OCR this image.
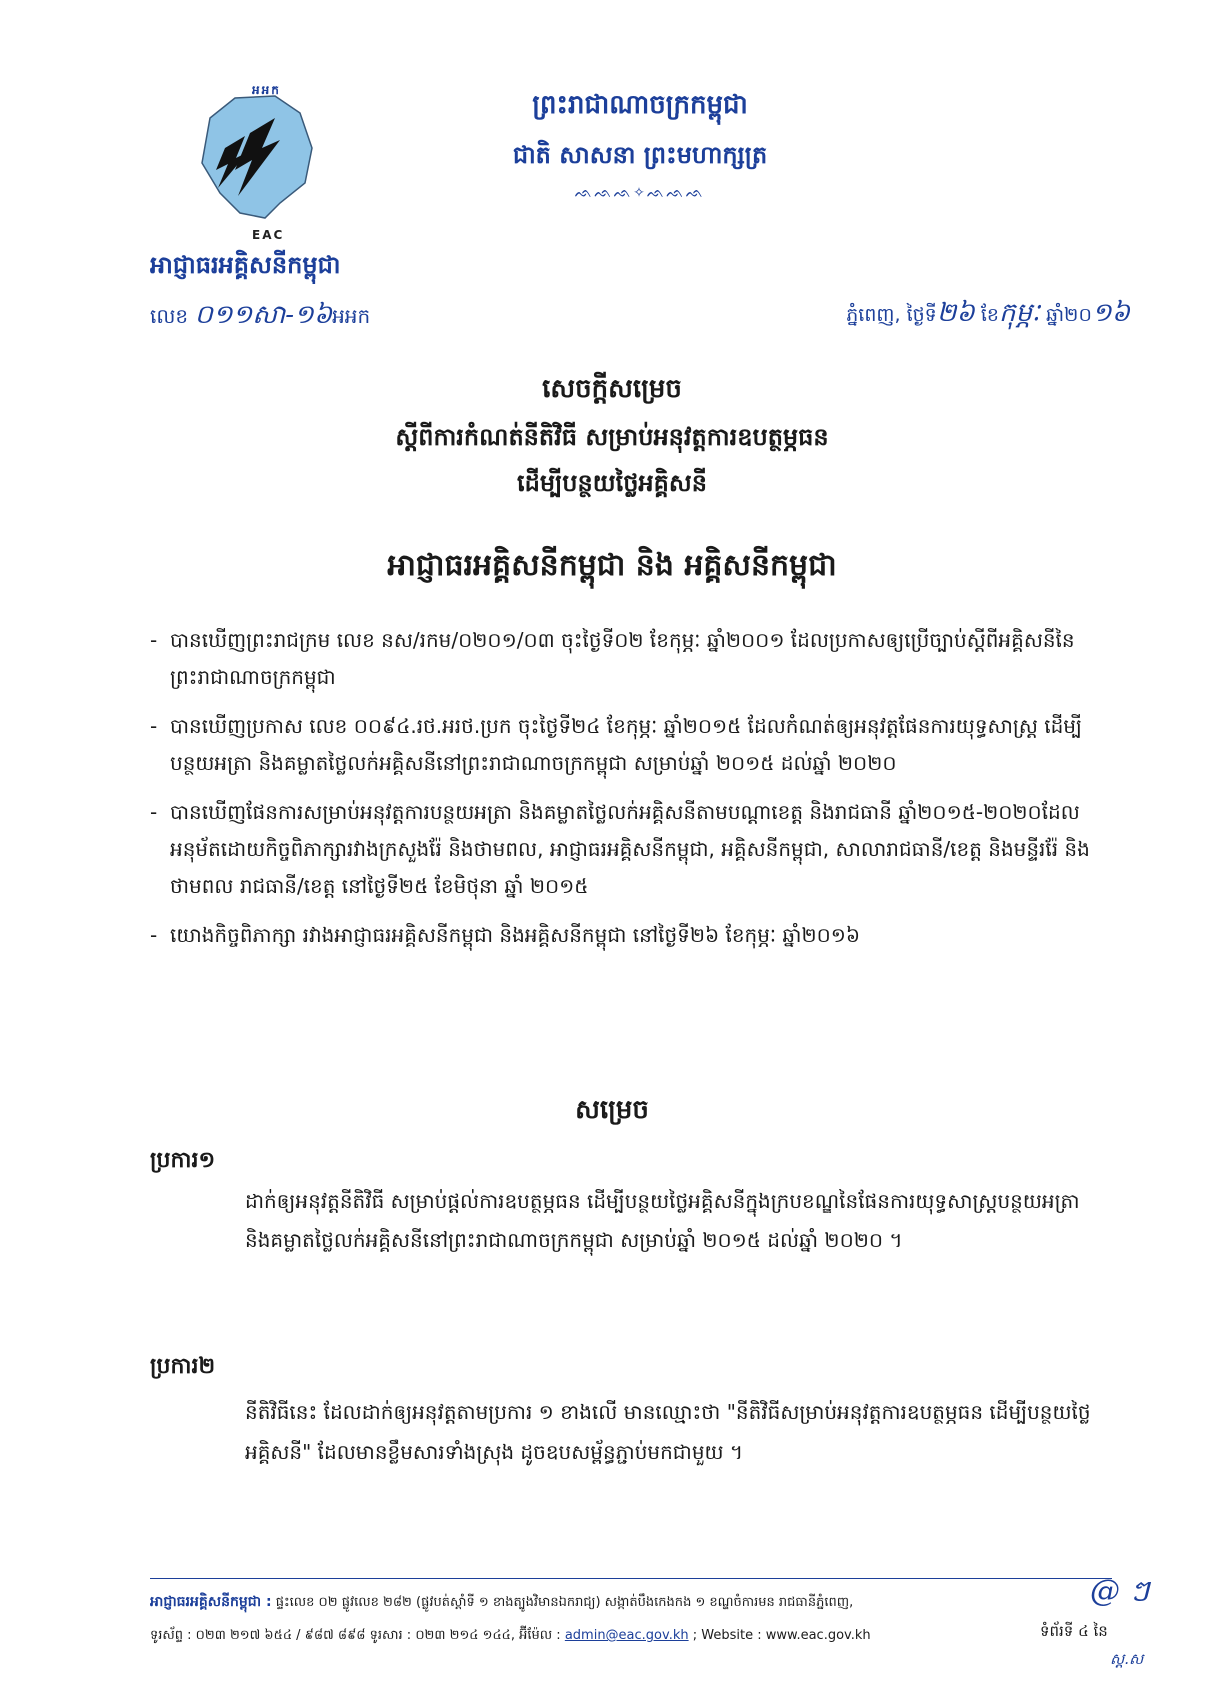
អអក
EAC
អាជ្ញាធរអគ្គិសនីកម្ពុជា
លេខ ០១១សា-១៦អអក
ព្រះរាជាណាចក្រកម្ពុជា
ជាតិ សាសនា ព្រះមហាក្សត្រ
ᨒᨒᨒ✧ᨒᨒᨒ
ភ្នំពេញ, ថ្ងៃទី២៦ ខែកុម្ភៈ ឆ្នាំ២០១៦
សេចក្តីសម្រេច
ស្តីពីការកំណត់នីតិវិធី សម្រាប់អនុវត្តការឧបត្ថម្ភធន
ដើម្បីបន្ថយថ្លៃអគ្គិសនី
អាជ្ញាធរអគ្គិសនីកម្ពុជា និង អគ្គិសនីកម្ពុជា
- បានឃើញព្រះរាជក្រម លេខ នស/រកម/០២០១/០៣ ចុះថ្ងៃទី០២ ខែកុម្ភៈ ឆ្នាំ២០០១ ដែលប្រកាសឲ្យប្រើច្បាប់ស្តីពីអគ្គិសនីនៃព្រះរាជាណាចក្រកម្ពុជា
- បានឃើញប្រកាស លេខ ០០៩៤.រថ.អរថ.ប្រក ចុះថ្ងៃទី២៤ ខែកុម្ភៈ ឆ្នាំ២០១៥ ដែលកំណត់ឲ្យអនុវត្តផែនការយុទ្ធសាស្ត្រ ដើម្បីបន្ថយអត្រា និងគម្លាតថ្លៃលក់អគ្គិសនីនៅព្រះរាជាណាចក្រកម្ពុជា សម្រាប់ឆ្នាំ ២០១៥ ដល់ឆ្នាំ ២០២០
- បានឃើញផែនការសម្រាប់អនុវត្តការបន្ថយអត្រា និងគម្លាតថ្លៃលក់អគ្គិសនីតាមបណ្តាខេត្ត និងរាជធានី ឆ្នាំ២០១៥-២០២០ដែលអនុម័តដោយកិច្ចពិភាក្សារវាងក្រសួងរ៉ែ និងថាមពល, អាជ្ញាធរអគ្គិសនីកម្ពុជា, អគ្គិសនីកម្ពុជា, សាលារាជធានី/ខេត្ត និងមន្ទីររ៉ែ និងថាមពល រាជធានី/ខេត្ត នៅថ្ងៃទី២៥ ខែមិថុនា ឆ្នាំ ២០១៥
- យោងកិច្ចពិភាក្សា រវាងអាជ្ញាធរអគ្គិសនីកម្ពុជា និងអគ្គិសនីកម្ពុជា នៅថ្ងៃទី២៦ ខែកុម្ភៈ ឆ្នាំ២០១៦
សម្រេច
ប្រការ១
ដាក់ឲ្យអនុវត្តនីតិវិធី សម្រាប់ផ្តល់ការឧបត្ថម្ភធន ដើម្បីបន្ថយថ្លៃអគ្គិសនីក្នុងក្របខណ្ឌនៃផែនការយុទ្ធសាស្ត្របន្ថយអត្រា និងគម្លាតថ្លៃលក់អគ្គិសនីនៅព្រះរាជាណាចក្រកម្ពុជា សម្រាប់ឆ្នាំ ២០១៥ ដល់ឆ្នាំ ២០២០ ។
ប្រការ២
នីតិវិធីនេះ ដែលដាក់ឲ្យអនុវត្តតាមប្រការ ១ ខាងលើ មានឈ្មោះថា "នីតិវិធីសម្រាប់អនុវត្តការឧបត្ថម្ភធន ដើម្បីបន្ថយថ្លៃអគ្គិសនី" ដែលមានខ្លឹមសារទាំងស្រុង ដូចឧបសម្ព័ន្ធភ្ជាប់មកជាមួយ ។
អាជ្ញាធរអគ្គិសនីកម្ពុជា : ផ្ទះលេខ ០២ ផ្លូវលេខ ២៨២ (ផ្លូវបត់ស្តាំទី ១ ខាងត្បូងវិមានឯករាជ្យ) សង្កាត់បឹងកេងកង ១ ខណ្ឌចំការមន រាជធានីភ្នំពេញ,
ទូរស័ព្ទ : ០២៣ ២១៧ ៦៥៤ / ៩៨៧ ៨៩៨ ទូរសារ : ០២៣ ២១៤ ១៤៤, អ៊ីម៉ែល : admin@eac.gov.kh ; Website : www.eac.gov.kh	ទំព័រទី ៤ នៃ
@ ៗ
ស្ត.ស
